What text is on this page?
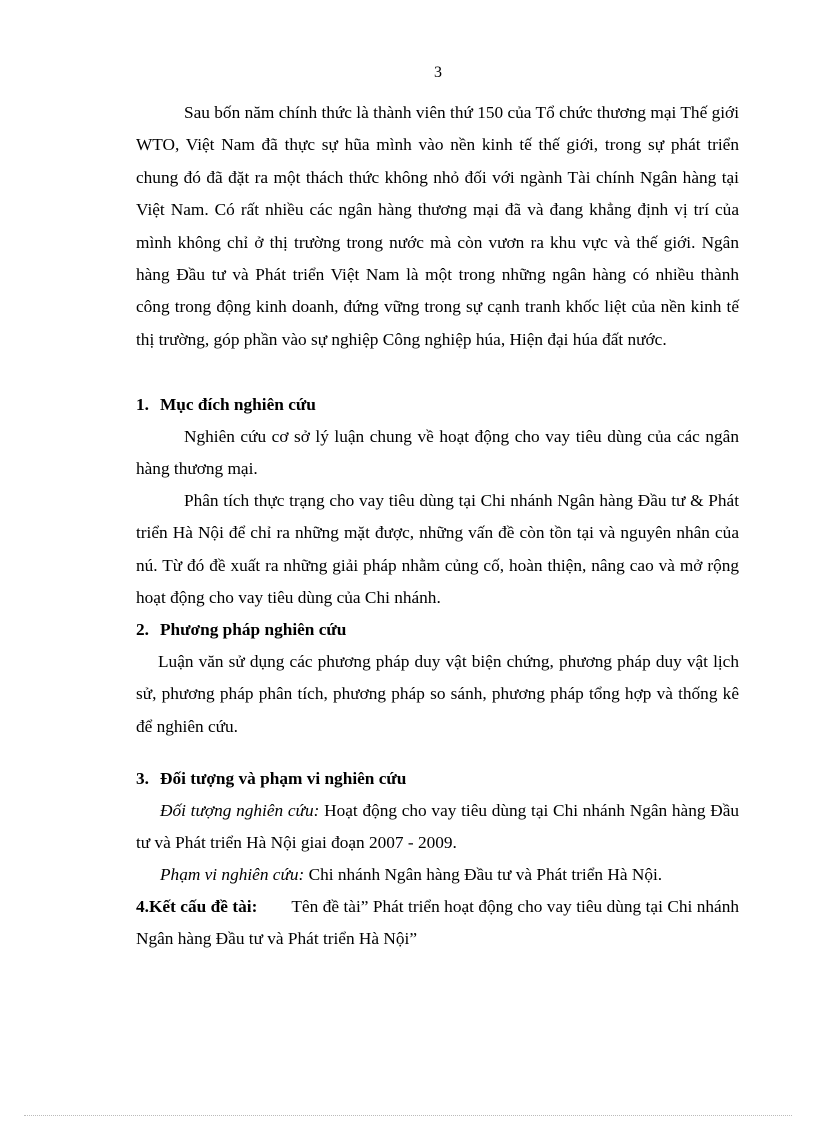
3
Sau bốn năm chính thức là thành viên thứ 150 của Tổ chức thương mại Thế giới WTO, Việt Nam đã thực sự hũa mình vào nền kinh tế thế giới, trong sự phát triển chung đó đã đặt ra một thách thức không nhỏ đối với ngành Tài chính Ngân hàng tại Việt Nam. Có rất nhiều các ngân hàng thương mại đã và đang khẳng định vị trí của mình không chỉ ở thị trường trong nước mà còn vươn ra khu vực và thế giới. Ngân hàng Đầu tư và Phát triển Việt Nam là một trong những ngân hàng có nhiều thành công trong động kinh doanh, đứng vững trong sự cạnh tranh khốc liệt của nền kinh tế thị trường, góp phần vào sự nghiệp Công nghiệp húa, Hiện đại húa đất nước.
1. Mục đích nghiên cứu
Nghiên cứu cơ sở lý luận chung về hoạt động cho vay tiêu dùng của các ngân hàng thương mại.
Phân tích thực trạng cho vay tiêu dùng tại Chi nhánh Ngân hàng Đầu tư & Phát triển Hà Nội để chỉ ra những mặt được, những vấn đề còn tồn tại và nguyên nhân của nú. Từ đó đề xuất ra những giải pháp nhằm củng cố, hoàn thiện, nâng cao và mở rộng hoạt động cho vay tiêu dùng của Chi nhánh.
2. Phương pháp nghiên cứu
Luận văn sử dụng các phương pháp duy vật biện chứng, phương pháp duy vật lịch sử, phương pháp phân tích, phương pháp so sánh, phương pháp tổng hợp và thống kê để nghiên cứu.
3. Đối tượng và phạm vi nghiên cứu
Đối tượng nghiên cứu: Hoạt động cho vay tiêu dùng tại Chi nhánh Ngân hàng Đầu tư và Phát triển Hà Nội giai đoạn 2007 - 2009.
Phạm vi nghiên cứu: Chi nhánh Ngân hàng Đầu tư và Phát triển Hà Nội.
4.Kết cấu đề tài: Tên đề tài” Phát triển hoạt động cho vay tiêu dùng tại Chi nhánh Ngân hàng Đầu tư và Phát triển Hà Nội”
